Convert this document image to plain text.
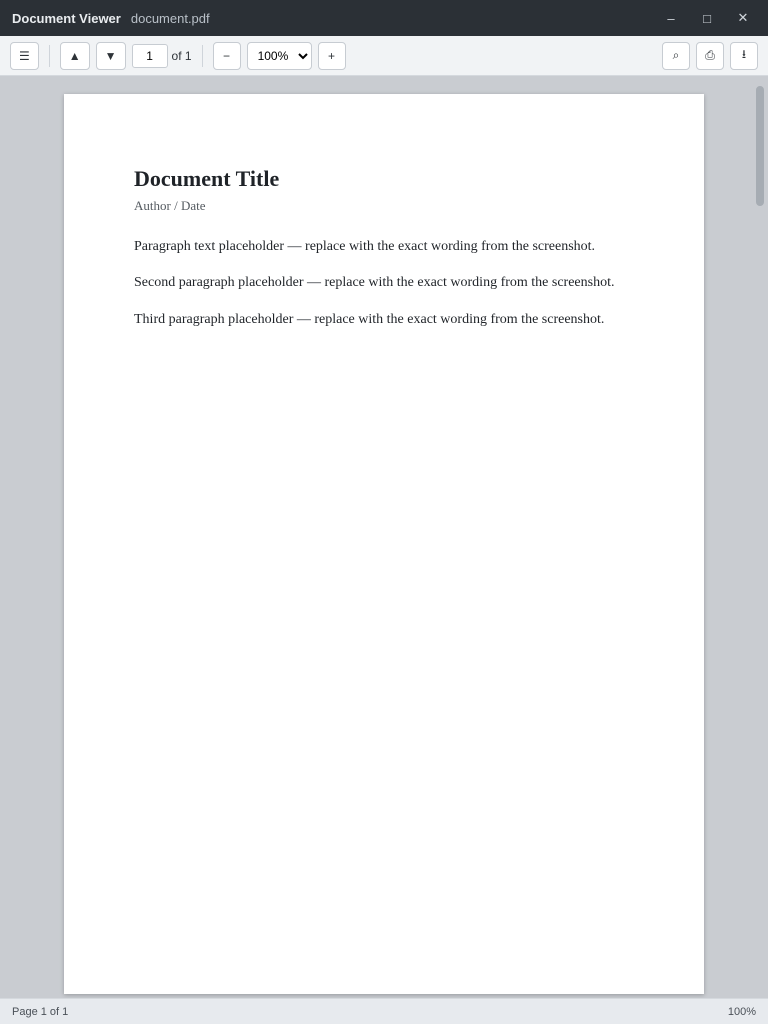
Document Viewer document.pdf	–	□	✕
☰	▲	▼
1	of 1	−
100%	+	⌕	⎙	⭳
Document Title

Author / Date

Paragraph text placeholder — replace with the exact wording from the screenshot.

Second paragraph placeholder — replace with the exact wording from the screenshot.

Third paragraph placeholder — replace with the exact wording from the screenshot.

Page 1 of 1	100%
